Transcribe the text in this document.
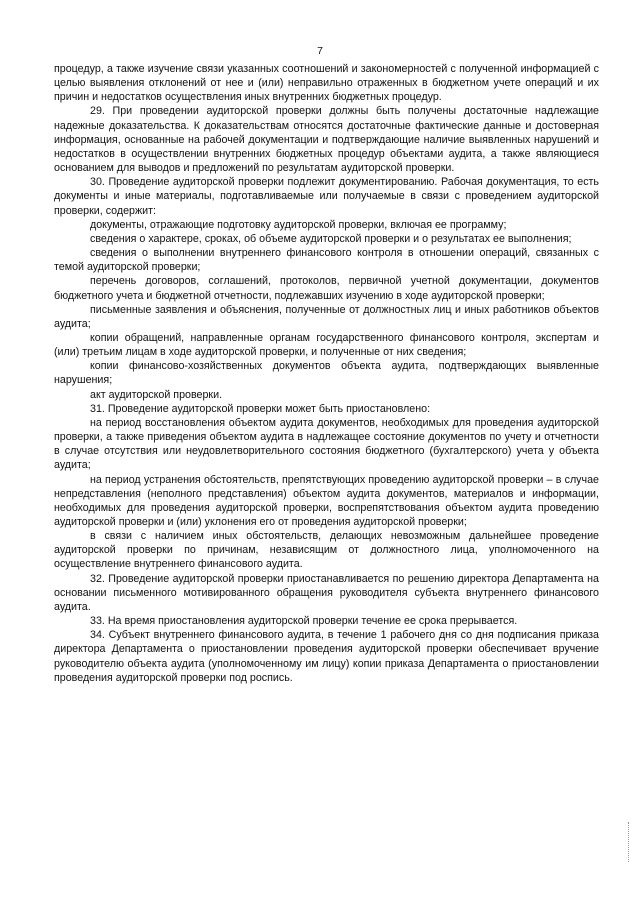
7

процедур, а также изучение связи указанных соотношений и закономерностей с полученной информацией с целью выявления отклонений от нее и (или) неправильно отраженных в бюджетном учете операций и их причин и недостатков осуществления иных внутренних бюджетных процедур.

29. При проведении аудиторской проверки должны быть получены достаточные надлежащие надежные доказательства. К доказательствам относятся достаточные фактические данные и достоверная информация, основанные на рабочей документации и подтверждающие наличие выявленных нарушений и недостатков в осуществлении внутренних бюджетных процедур объектами аудита, а также являющиеся основанием для выводов и предложений по результатам аудиторской проверки.

30. Проведение аудиторской проверки подлежит документированию. Рабочая документация, то есть документы и иные материалы, подготавливаемые или получаемые в связи с проведением аудиторской проверки, содержит:

документы, отражающие подготовку аудиторской проверки, включая ее программу;

сведения о характере, сроках, об объеме аудиторской проверки и о результатах ее выполнения;

сведения о выполнении внутреннего финансового контроля в отношении операций, связанных с темой аудиторской проверки;

перечень договоров, соглашений, протоколов, первичной учетной документации, документов бюджетного учета и бюджетной отчетности, подлежавших изучению в ходе аудиторской проверки;

письменные заявления и объяснения, полученные от должностных лиц и иных работников объектов аудита;

копии обращений, направленные органам государственного финансового контроля, экспертам и (или) третьим лицам в ходе аудиторской проверки, и полученные от них сведения;

копии финансово-хозяйственных документов объекта аудита, подтверждающих выявленные нарушения;

акт аудиторской проверки.

31. Проведение аудиторской проверки может быть приостановлено:

на период восстановления объектом аудита документов, необходимых для проведения аудиторской проверки, а также приведения объектом аудита в надлежащее состояние документов по учету и отчетности в случае отсутствия или неудовлетворительного состояния бюджетного (бухгалтерского) учета у объекта аудита;

на период устранения обстоятельств, препятствующих проведению аудиторской проверки – в случае непредставления (неполного представления) объектом аудита документов, материалов и информации, необходимых для проведения аудиторской проверки, воспрепятствования объектом аудита проведению аудиторской проверки и (или) уклонения его от проведения аудиторской проверки;

в связи с наличием иных обстоятельств, делающих невозможным дальнейшее проведение аудиторской проверки по причинам, независящим от должностного лица, уполномоченного на осуществление внутреннего финансового аудита.

32. Проведение аудиторской проверки приостанавливается по решению директора Департамента на основании письменного мотивированного обращения руководителя субъекта внутреннего финансового аудита.

33. На время приостановления аудиторской проверки течение ее срока прерывается.

34. Субъект внутреннего финансового аудита, в течение 1 рабочего дня со дня подписания приказа директора Департамента о приостановлении проведения аудиторской проверки обеспечивает вручение руководителю объекта аудита (уполномоченному им лицу) копии приказа Департамента о приостановлении проведения аудиторской проверки под роспись.
